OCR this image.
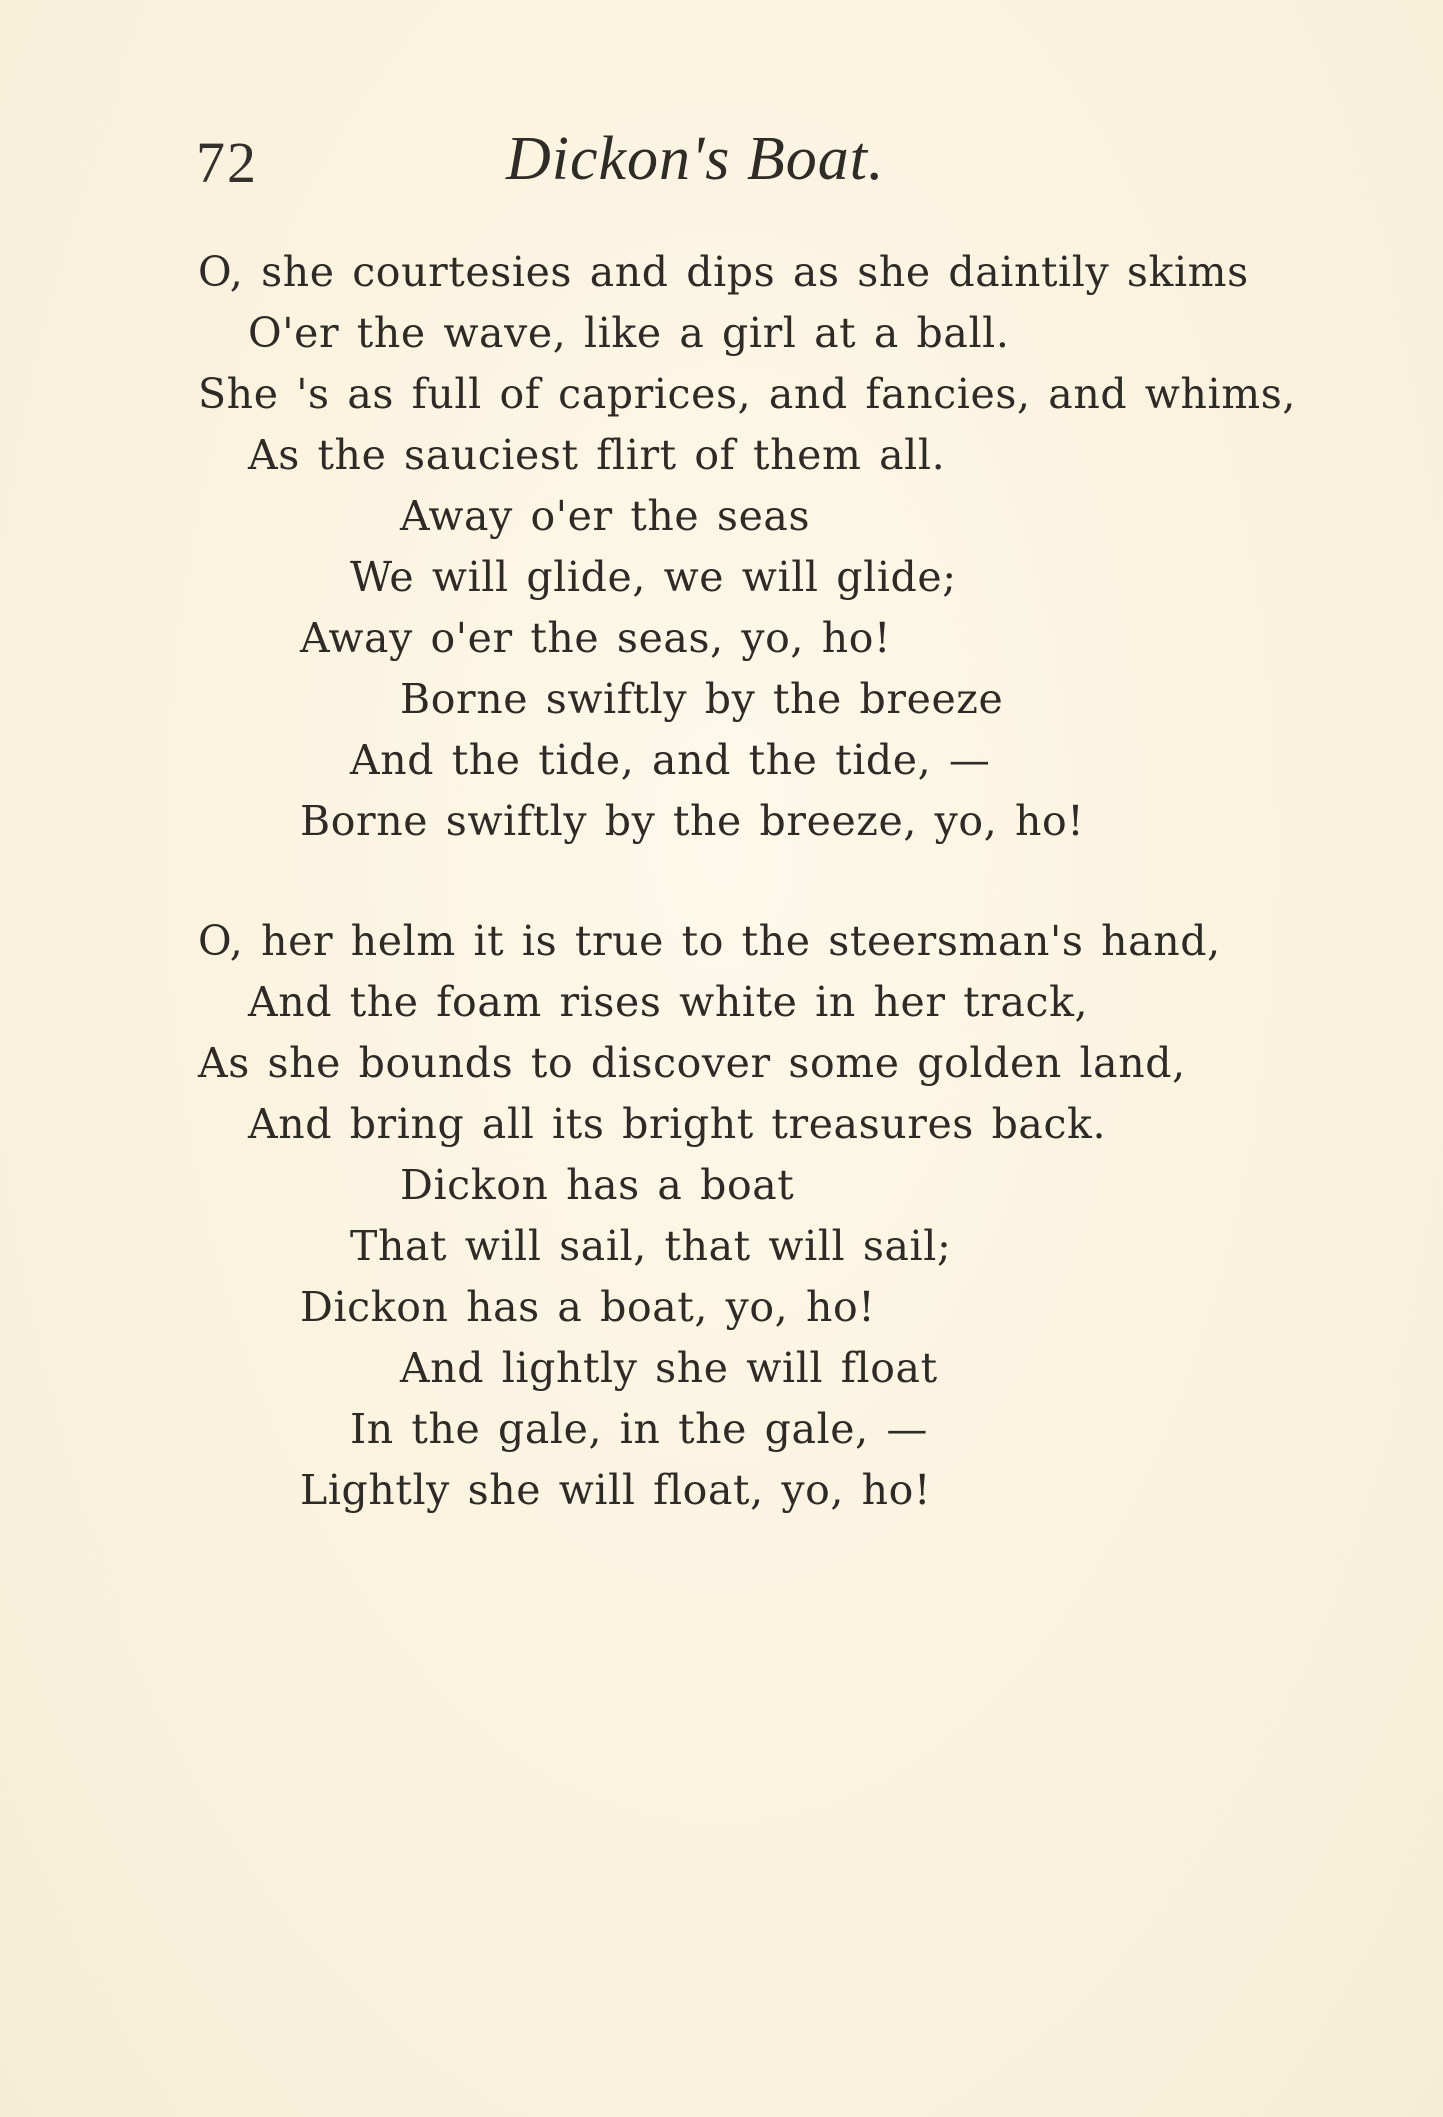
72	Dickon's Boat.
O, she courtesies and dips as she daintily skims
O'er the wave, like a girl at a ball.
She 's as full of caprices, and fancies, and whims,
As the sauciest flirt of them all.
Away o'er the seas
We will glide, we will glide;
Away o'er the seas, yo, ho!
Borne swiftly by the breeze
And the tide, and the tide, —
Borne swiftly by the breeze, yo, ho!
O, her helm it is true to the steersman's hand,
And the foam rises white in her track,
As she bounds to discover some golden land,
And bring all its bright treasures back.
Dickon has a boat
That will sail, that will sail;
Dickon has a boat, yo, ho!
And lightly she will float
In the gale, in the gale, —
Lightly she will float, yo, ho!
